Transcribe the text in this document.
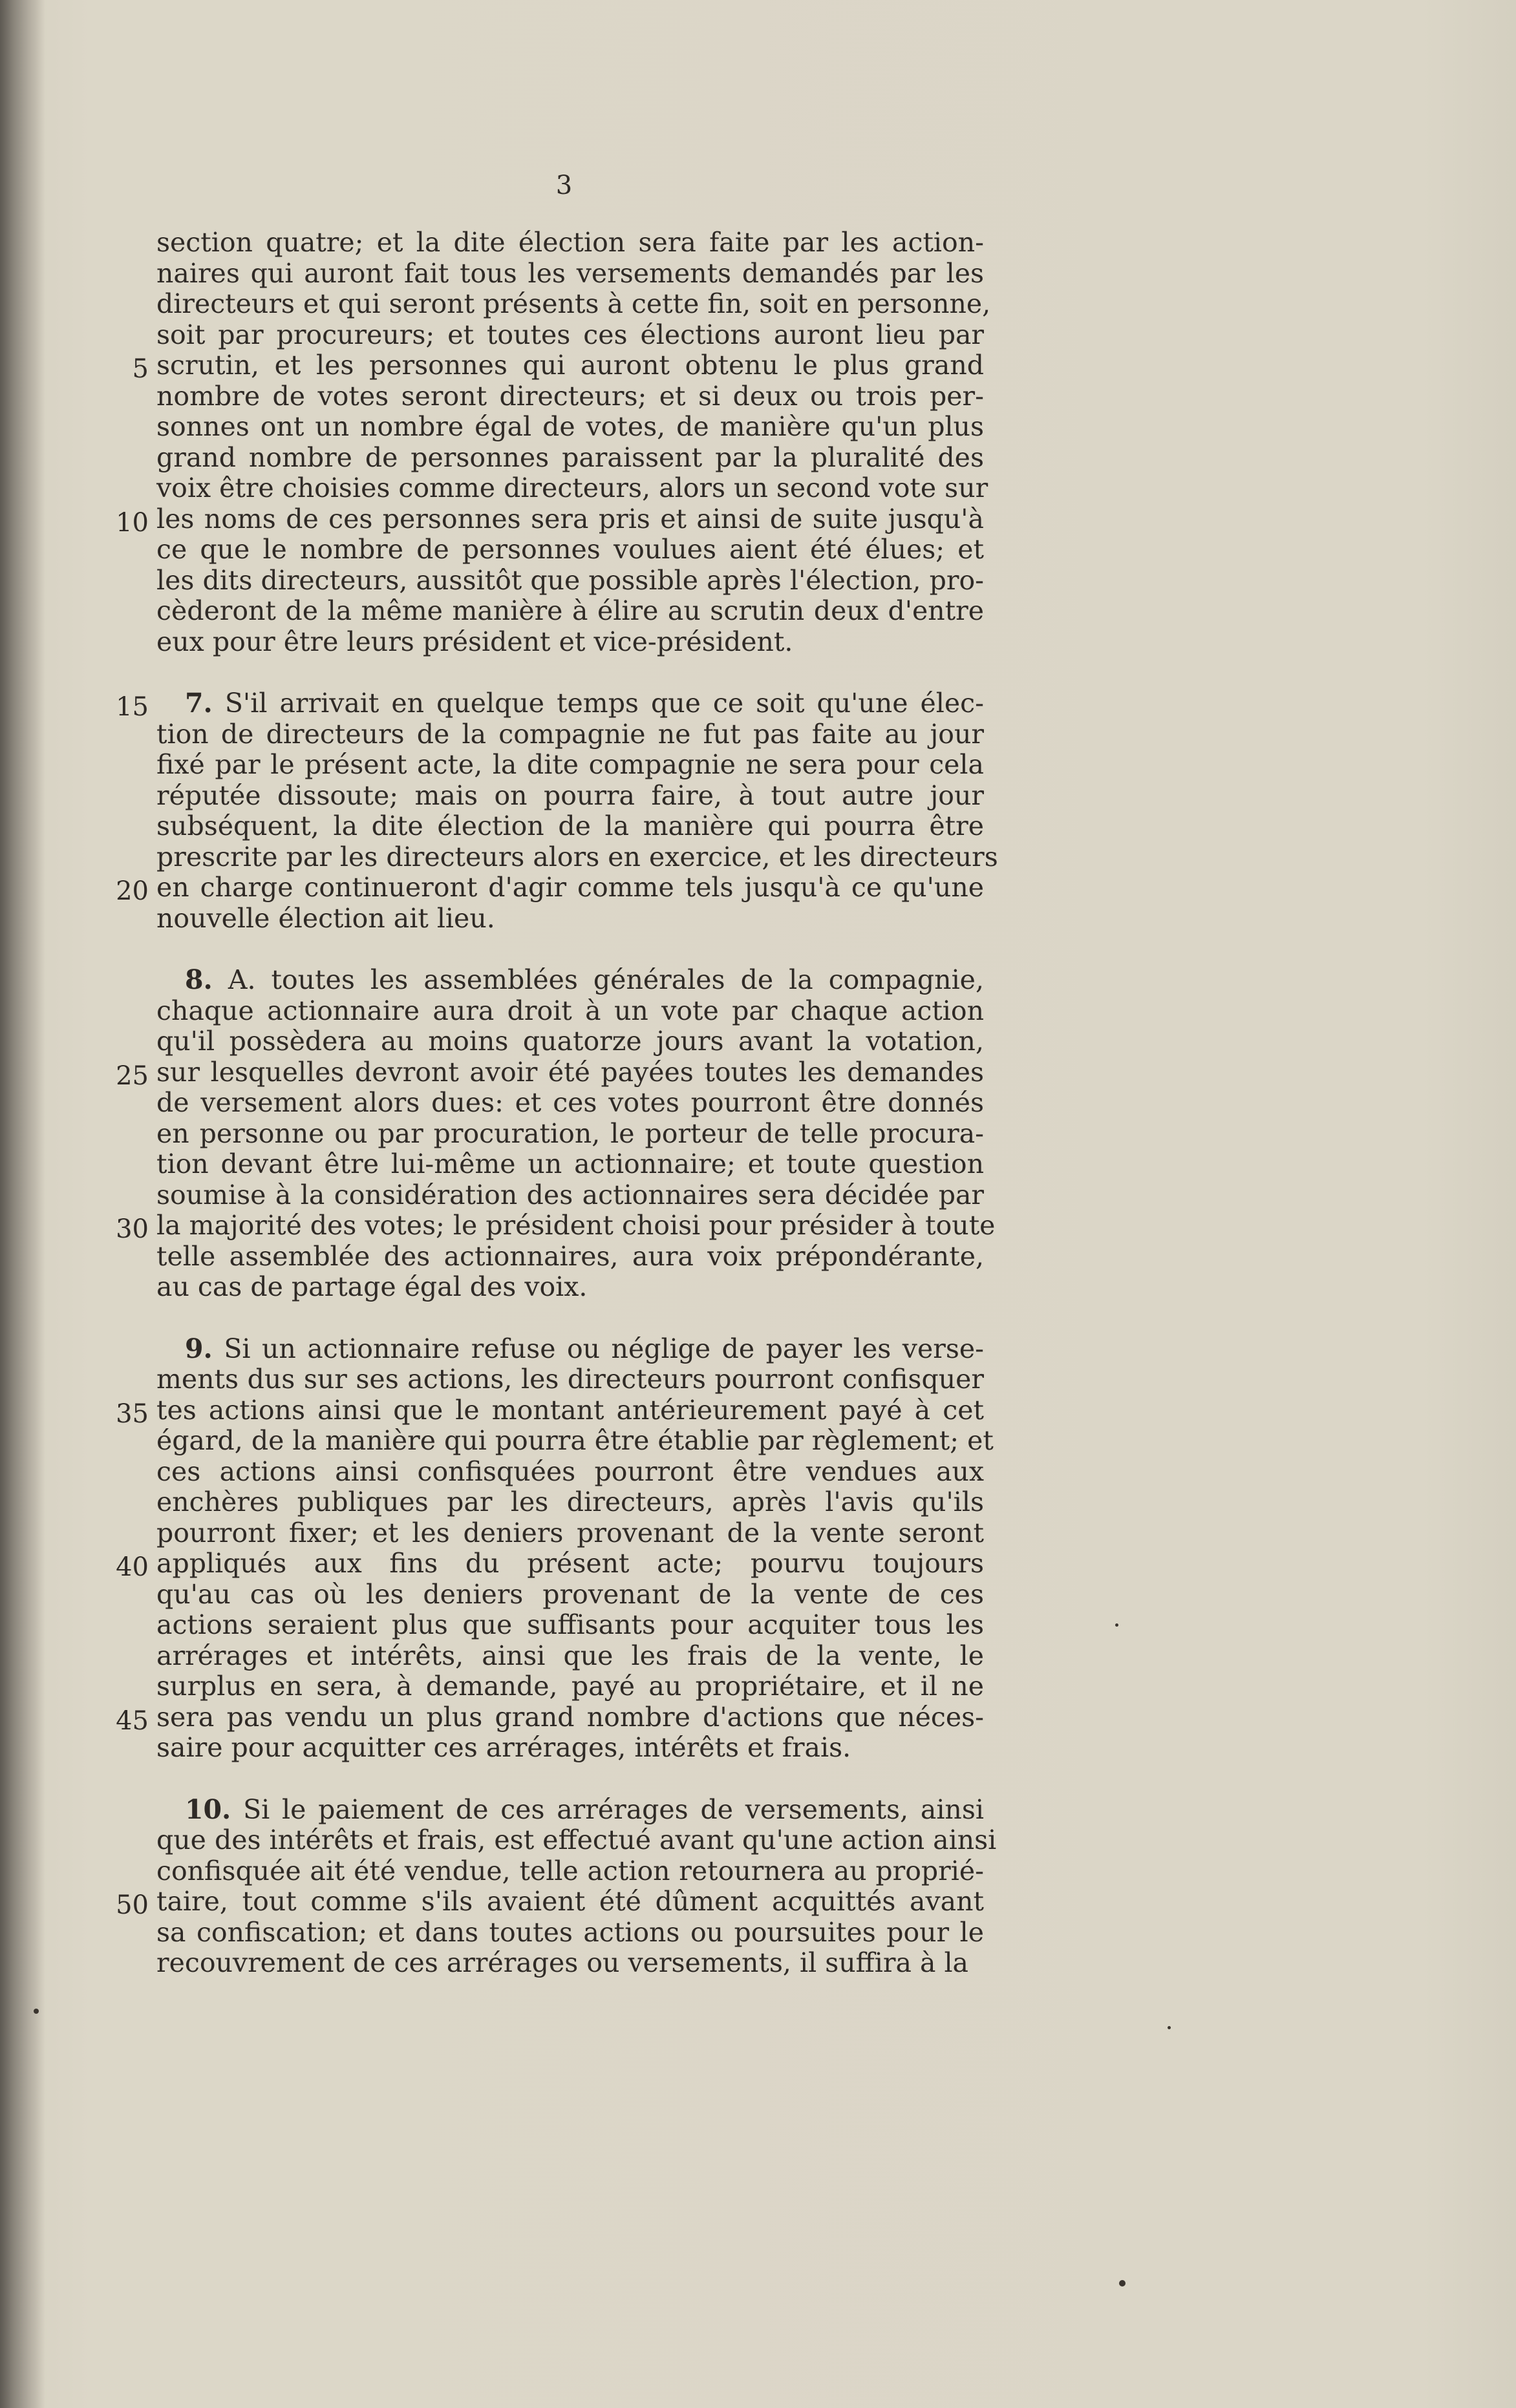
3
section quatre; et la dite élection sera faite par les action-
naires qui auront fait tous les versements demandés par les
directeurs et qui seront présents à cette fin, soit en personne,
soit par procureurs; et toutes ces élections auront lieu par
5 scrutin, et les personnes qui auront obtenu le plus grand
nombre de votes seront directeurs; et si deux ou trois per-
sonnes ont un nombre égal de votes, de manière qu'un plus
grand nombre de personnes paraissent par la pluralité des
voix être choisies comme directeurs, alors un second vote sur
10 les noms de ces personnes sera pris et ainsi de suite jusqu'à
ce que le nombre de personnes voulues aient été élues; et
les dits directeurs, aussitôt que possible après l'élection, pro-
cèderont de la même manière à élire au scrutin deux d'entre
eux pour être leurs président et vice-président.
15	7. S'il arrivait en quelque temps que ce soit qu'une élec-
tion de directeurs de la compagnie ne fut pas faite au jour
fixé par le présent acte, la dite compagnie ne sera pour cela
réputée dissoute; mais on pourra faire, à tout autre jour
subséquent, la dite élection de la manière qui pourra être
prescrite par les directeurs alors en exercice, et les directeurs
20 en charge continueront d'agir comme tels jusqu'à ce qu'une
nouvelle élection ait lieu.
8. A. toutes les assemblées générales de la compagnie,
chaque actionnaire aura droit à un vote par chaque action
qu'il possèdera au moins quatorze jours avant la votation,
25 sur lesquelles devront avoir été payées toutes les demandes
de versement alors dues: et ces votes pourront être donnés
en personne ou par procuration, le porteur de telle procura-
tion devant être lui-même un actionnaire; et toute question
soumise à la considération des actionnaires sera décidée par
30 la majorité des votes; le président choisi pour présider à toute
telle assemblée des actionnaires, aura voix prépondérante,
au cas de partage égal des voix.
9. Si un actionnaire refuse ou néglige de payer les verse-
ments dus sur ses actions, les directeurs pourront confisquer
35 tes actions ainsi que le montant antérieurement payé à cet
égard, de la manière qui pourra être établie par règlement; et
ces actions ainsi confisquées pourront être vendues aux
enchères publiques par les directeurs, après l'avis qu'ils
pourront fixer; et les deniers provenant de la vente seront
40 appliqués aux fins du présent acte; pourvu toujours
qu'au cas où les deniers provenant de la vente de ces
actions seraient plus que suffisants pour acquiter tous les
arrérages et intérêts, ainsi que les frais de la vente, le
surplus en sera, à demande, payé au propriétaire, et il ne
45 sera pas vendu un plus grand nombre d'actions que néces-
saire pour acquitter ces arrérages, intérêts et frais.
10. Si le paiement de ces arrérages de versements, ainsi
que des intérêts et frais, est effectué avant qu'une action ainsi
confisquée ait été vendue, telle action retournera au proprié-
50 taire, tout comme s'ils avaient été dûment acquittés avant
sa confiscation; et dans toutes actions ou poursuites pour le
recouvrement de ces arrérages ou versements, il suffira à la
